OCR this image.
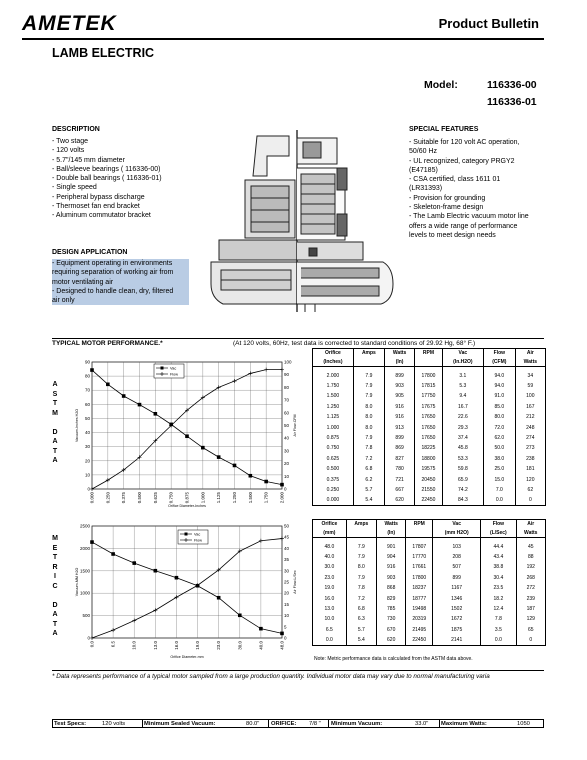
AMETEK	Product Bulletin
LAMB ELECTRIC
Model:	116336-00
116336-01
DESCRIPTION
- Two stage
- 120 volts
- 5.7"/145 mm diameter
- Ball/sleeve bearings ( 116336-00)
- Double ball bearings ( 116336-01)
- Single speed
- Peripheral bypass discharge
- Thermoset fan end bracket
- Aluminum commutator bracket
DESIGN APPLICATION
- Equipment operating in environments
requiring separation of working air from
motor ventilating air
- Designed to handle clean, dry, filtered
air only
SPECIAL FEATURES
- Suitable for 120 volt AC operation,
50/60 Hz
- UL recognized, category PRGY2
(E47185)
- CSA certified, class 1611 01
(LR31393)
- Provision for grounding
- Skeleton-frame design
- The Lamb Electric vacuum motor line
offers a wide range of performance
levels to meet design needs
TYPICAL MOTOR PERFORMANCE.*	(At 120 volts, 60Hz, test data is corrected to standard conditions of 29.92 Hg, 68° F.)
A
S
T
M
D
A
T
A
M
E
T
R
I
C
D
A
T
A
0.000 0.250 0.375 0.500 0.625 0.750 0.875 1.000 1.125 1.250 1.500 1.750 2.000
0
10
20
30
40
50
60
70
80
90
0
10
20
30
40
50
60
70
80
90
100
Orifice Diameter-Inches
Vacuum-Inches H2O	Air Flow-CFM
Vac
Flow
0.0	6.5	10.0	13.0	16.0	19.0	23.0	30.0	40.0	48.0
0
500
1000
1500
2000
2500
0
5
10
15
20
25
30
35
40
45
50
Orifice Diameter-mm
Vacuum-MM H2O	Air Flow-L/Sec
Vac
Flow
Orifice	Amps	Watts	RPM	Vac	Flow	Air
(Inches)		(In)		(In.H2O)	(CFM)	Watts

2.000	7.9	899	17800	3.1	94.0	34
1.750	7.9	903	17815	5.3	94.0	59
1.500	7.9	905	17750	9.4	91.0	100
1.250	8.0	916	17675	16.7	85.0	167
1.125	8.0	916	17650	22.6	80.0	212
1.000	8.0	913	17650	29.3	72.0	248
0.875	7.9	899	17650	37.4	62.0	274
0.750	7.8	869	18225	45.8	50.0	273
0.625	7.2	827	18800	53.3	38.0	238
0.500	6.8	780	19575	59.8	25.0	181
0.375	6.2	721	20450	65.9	15.0	120
0.250	5.7	667	21550	74.2	7.0	62
0.000	5.4	620	22450	84.3	0.0	0
Orifice	Amps	Watts	RPM	Vac	Flow	Air
(mm)		(In)		(mm H2O)	(L/Sec)	Watts

48.0	7.9	901	17807	103	44.4	45
40.0	7.9	904	17770	208	43.4	88
30.0	8.0	916	17661	507	38.8	192
23.0	7.9	903	17800	899	30.4	268
19.0	7.8	868	18237	1167	23.5	272
16.0	7.2	829	18777	1346	18.2	239
13.0	6.8	785	19498	1502	12.4	187
10.0	6.3	730	20319	1672	7.8	129
6.5	5.7	670	21495	1875	3.5	65
0.0	5.4	620	22450	2141	0.0	0
Note: Metric performance data is calculated from the ASTM data above.
* Data represents performance of a typical motor sampled from a large production quantity. Individual motor data may vary due to normal manufacturing varia
Test Specs:	120 volts	Minimum Sealed Vacuum:	80.0" ORIFICE: 7/8 " Minimum Vacuum:	33.0" Maximum Watts:	1050
